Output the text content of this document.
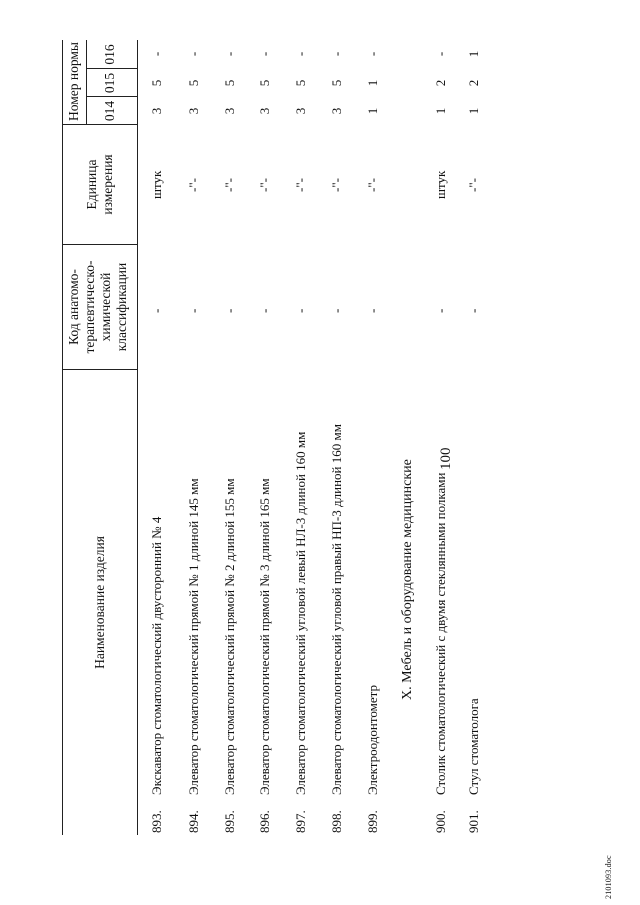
100
Наименование изделия
Код анатомо- терапевтическо- химической классификации
Единица измерения
Номер нормы 014
015
016
893.
Экскаватор стоматологический двусторонний № 4
-
штук
3
5
-
894.
Элеватор стоматологический прямой № 1 длиной 145 мм
-
-"-
3
5
-
895.
Элеватор стоматологический прямой № 2 длиной 155 мм
-
-"-
3
5
-
896.
Элеватор стоматологический прямой № 3 длиной 165 мм
-
-"-
3
5
-
897.
Элеватор стоматологический угловой левый НЛ-3 длиной 160 мм
-
-"-
3
5
-
898.
Элеватор стоматологический угловой правый НП-3 длиной 160 мм
-
-"-
3
5
-
899.
Электроодонтометр
-
-"-
1
1
-
X. Мебель и оборудование медицинские
900.
Столик стоматологический с двумя стеклянными полками
-
штук
1
2
-
901.
Стул стоматолога
-
-"-
1
2
1
2101093.doc
